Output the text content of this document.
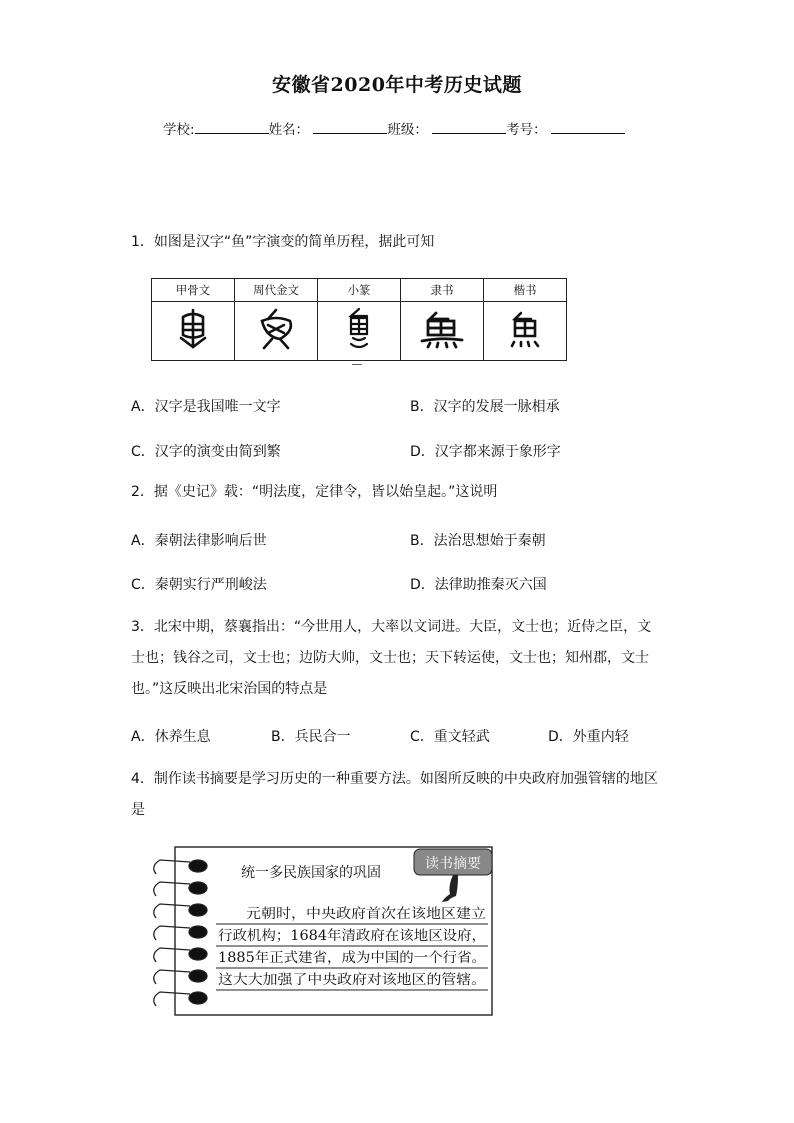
安徽省2020年中考历史试题
学校:	姓名：	班级：	考号：
1．如图是汉字“鱼”字演变的简单历程，据此可知
甲骨文	周代金文	小篆	隶书	楷书

A．汉字是我国唯一文字	B．汉字的发展一脉相承
C．汉字的演变由简到繁	D．汉字都来源于象形字
2．据《史记》载：“明法度，定律令，皆以始皇起。”这说明
A．秦朝法律影响后世	B．法治思想始于秦朝
C．秦朝实行严刑峻法	D．法律助推秦灭六国
3．北宋中期，蔡襄指出：“今世用人，大率以文词进。大臣，文士也；近侍之臣，文士也；钱谷之司，文士也；边防大帅，文士也；天下转运使，文士也；知州郡，文士也。”这反映出北宋治国的特点是
A．休养生息	B．兵民合一	C．重文轻武	D．外重内轻
4．制作读书摘要是学习历史的一种重要方法。如图所反映的中央政府加强管辖的地区是
读书摘要
统一多民族国家的巩固
元朝时，中央政府首次在该地区建立
行政机构；1684年清政府在该地区设府，
1885年正式建省，成为中国的一个行省。
这大大加强了中央政府对该地区的管辖。
